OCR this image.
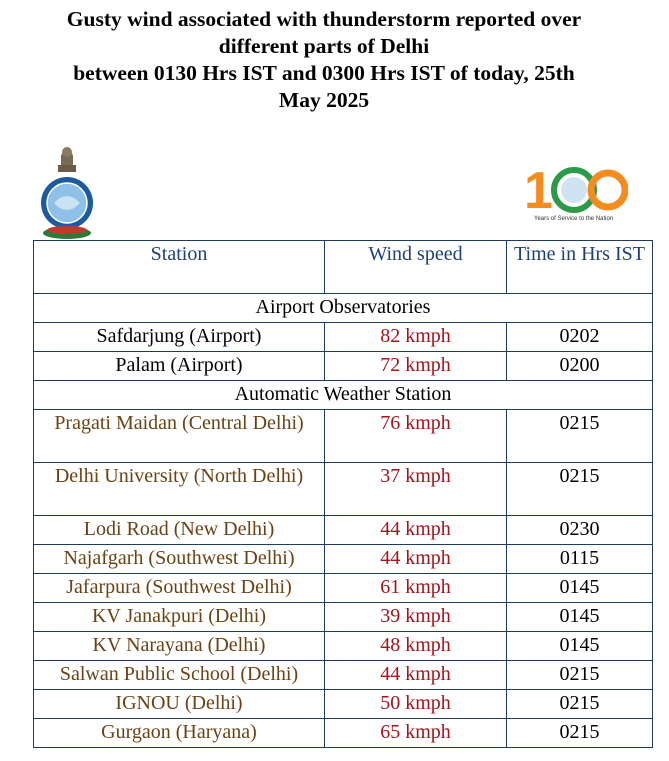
Gusty wind associated with thunderstorm reported over
different parts of Delhi
between 0130 Hrs IST and 0300 Hrs IST of today, 25th
May 2025
1
Years of Service to the Nation
Station	Wind speed	Time in Hrs IST
Airport Observatories		
Safdarjung (Airport)	82 kmph	0202
Palam (Airport)	72 kmph	0200
Automatic Weather Station		
Pragati Maidan (Central Delhi)	76 kmph	0215
Delhi University (North Delhi)	37 kmph	0215
Lodi Road (New Delhi)	44 kmph	0230
Najafgarh (Southwest Delhi)	44 kmph	0115
Jafarpura (Southwest Delhi)	61 kmph	0145
KV Janakpuri (Delhi)	39 kmph	0145
KV Narayana (Delhi)	48 kmph	0145
Salwan Public School (Delhi)	44 kmph	0215
IGNOU (Delhi)	50 kmph	0215
Gurgaon (Haryana)	65 kmph	0215
